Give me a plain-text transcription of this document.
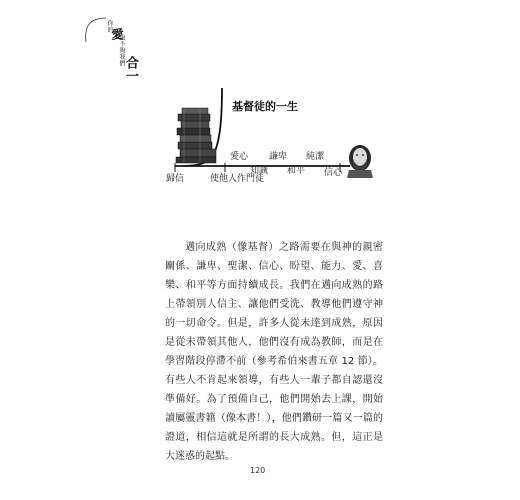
你的
愛
夠不夠我們
合一
基督徒的一生
愛心 謙卑 純潔
知識 和平
歸信	使他人作門徒
信心

邁向成熟（像基督）之路需要在與神的親密關係、謙卑、聖潔、信心、盼望、能力、愛、喜樂、和平等方面持續成長。我們在邁向成熟的路上帶領別人信主、讓他們受洗、教導他們遵守神的一切命令。但是，許多人從未達到成熟，原因是從未帶領其他人，他們沒有成為教師，而是在學習階段停滯不前（參考希伯來書五章 12 節）。有些人不肯起來領導，有些人一輩子都自認還沒準備好。為了預備自己，他們開始去上課，開始讀屬靈書籍（像本書！），他們鑽研一篇又一篇的證道，相信這就是所謂的長大成熟。但，這正是大迷惑的起點。

120
